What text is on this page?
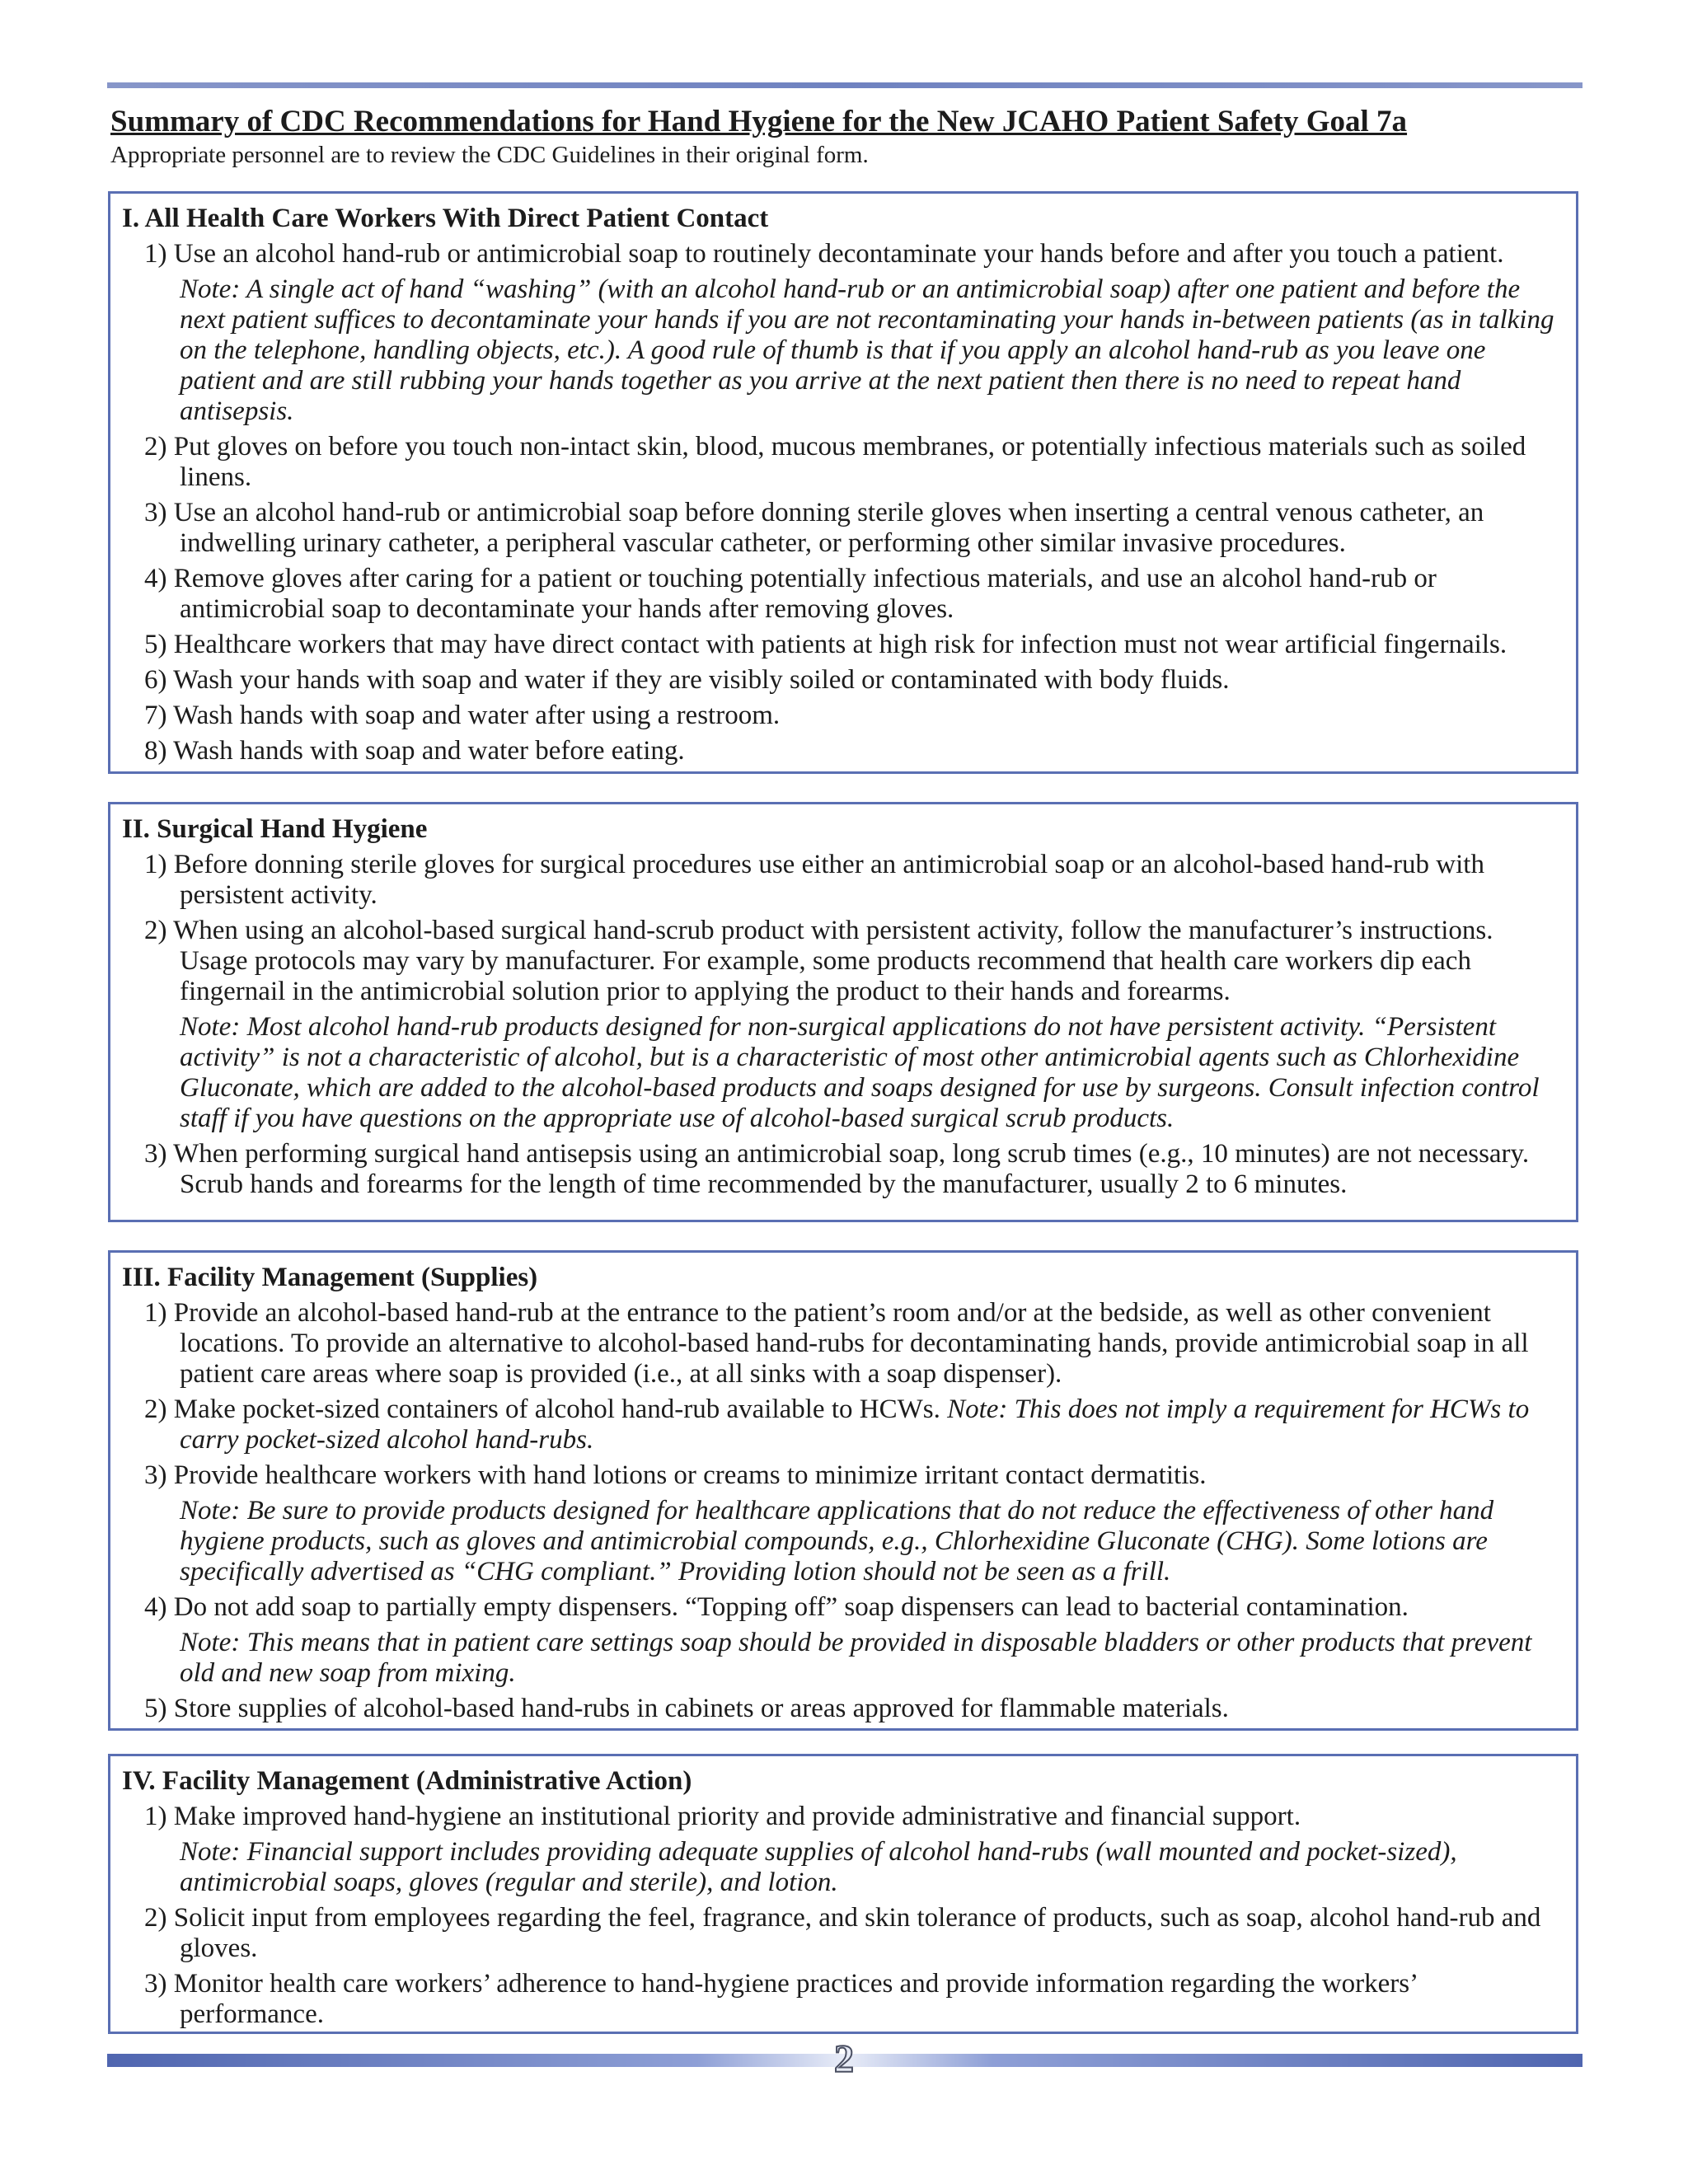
Summary of CDC Recommendations for Hand Hygiene for the New JCAHO Patient Safety Goal 7a

Appropriate personnel are to review the CDC Guidelines in their original form.

I. All Health Care Workers With Direct Patient Contact

1) Use an alcohol hand-rub or antimicrobial soap to routinely decontaminate your hands before and after you touch a patient.

Note: A single act of hand “washing” (with an alcohol hand-rub or an antimicrobial soap) after one patient and before the next patient suffices to decontaminate your hands if you are not recontaminating your hands in-between patients (as in talking on the telephone, handling objects, etc.). A good rule of thumb is that if you apply an alcohol hand-rub as you leave one patient and are still rubbing your hands together as you arrive at the next patient then there is no need to repeat hand antisepsis.

2) Put gloves on before you touch non-intact skin, blood, mucous membranes, or potentially infectious materials such as soiled linens.

3) Use an alcohol hand-rub or antimicrobial soap before donning sterile gloves when inserting a central venous catheter, an indwelling urinary catheter, a peripheral vascular catheter, or performing other similar invasive procedures.

4) Remove gloves after caring for a patient or touching potentially infectious materials, and use an alcohol hand-rub or antimicrobial soap to decontaminate your hands after removing gloves.

5) Healthcare workers that may have direct contact with patients at high risk for infection must not wear artificial fingernails.

6) Wash your hands with soap and water if they are visibly soiled or contaminated with body fluids.

7) Wash hands with soap and water after using a restroom.

8) Wash hands with soap and water before eating.

II. Surgical Hand Hygiene

1) Before donning sterile gloves for surgical procedures use either an antimicrobial soap or an alcohol-based hand-rub with persistent activity.

2) When using an alcohol-based surgical hand-scrub product with persistent activity, follow the manufacturer’s instructions. Usage protocols may vary by manufacturer. For example, some products recommend that health care workers dip each fingernail in the antimicrobial solution prior to applying the product to their hands and forearms.

Note: Most alcohol hand-rub products designed for non-surgical applications do not have persistent activity. “Persistent activity” is not a characteristic of alcohol, but is a characteristic of most other antimicrobial agents such as Chlorhexidine Gluconate, which are added to the alcohol-based products and soaps designed for use by surgeons. Consult infection control staff if you have questions on the appropriate use of alcohol-based surgical scrub products.

3) When performing surgical hand antisepsis using an antimicrobial soap, long scrub times (e.g., 10 minutes) are not necessary. Scrub hands and forearms for the length of time recommended by the manufacturer, usually 2 to 6 minutes.

III. Facility Management (Supplies)

1) Provide an alcohol-based hand-rub at the entrance to the patient’s room and/or at the bedside, as well as other convenient locations. To provide an alternative to alcohol-based hand-rubs for decontaminating hands, provide antimicrobial soap in all patient care areas where soap is provided (i.e., at all sinks with a soap dispenser).

2) Make pocket-sized containers of alcohol hand-rub available to HCWs. Note: This does not imply a requirement for HCWs to carry pocket-sized alcohol hand-rubs.

3) Provide healthcare workers with hand lotions or creams to minimize irritant contact dermatitis.

Note: Be sure to provide products designed for healthcare applications that do not reduce the effectiveness of other hand hygiene products, such as gloves and antimicrobial compounds, e.g., Chlorhexidine Gluconate (CHG). Some lotions are specifically advertised as “CHG compliant.” Providing lotion should not be seen as a frill.

4) Do not add soap to partially empty dispensers. “Topping off” soap dispensers can lead to bacterial contamination.

Note: This means that in patient care settings soap should be provided in disposable bladders or other products that prevent old and new soap from mixing.

5) Store supplies of alcohol-based hand-rubs in cabinets or areas approved for flammable materials.

IV. Facility Management (Administrative Action)

1) Make improved hand-hygiene an institutional priority and provide administrative and financial support.

Note: Financial support includes providing adequate supplies of alcohol hand-rubs (wall mounted and pocket-sized), antimicrobial soaps, gloves (regular and sterile), and lotion.

2) Solicit input from employees regarding the feel, fragrance, and skin tolerance of products, such as soap, alcohol hand-rub and gloves.

3) Monitor health care workers’ adherence to hand-hygiene practices and provide information regarding the workers’ performance.

2
